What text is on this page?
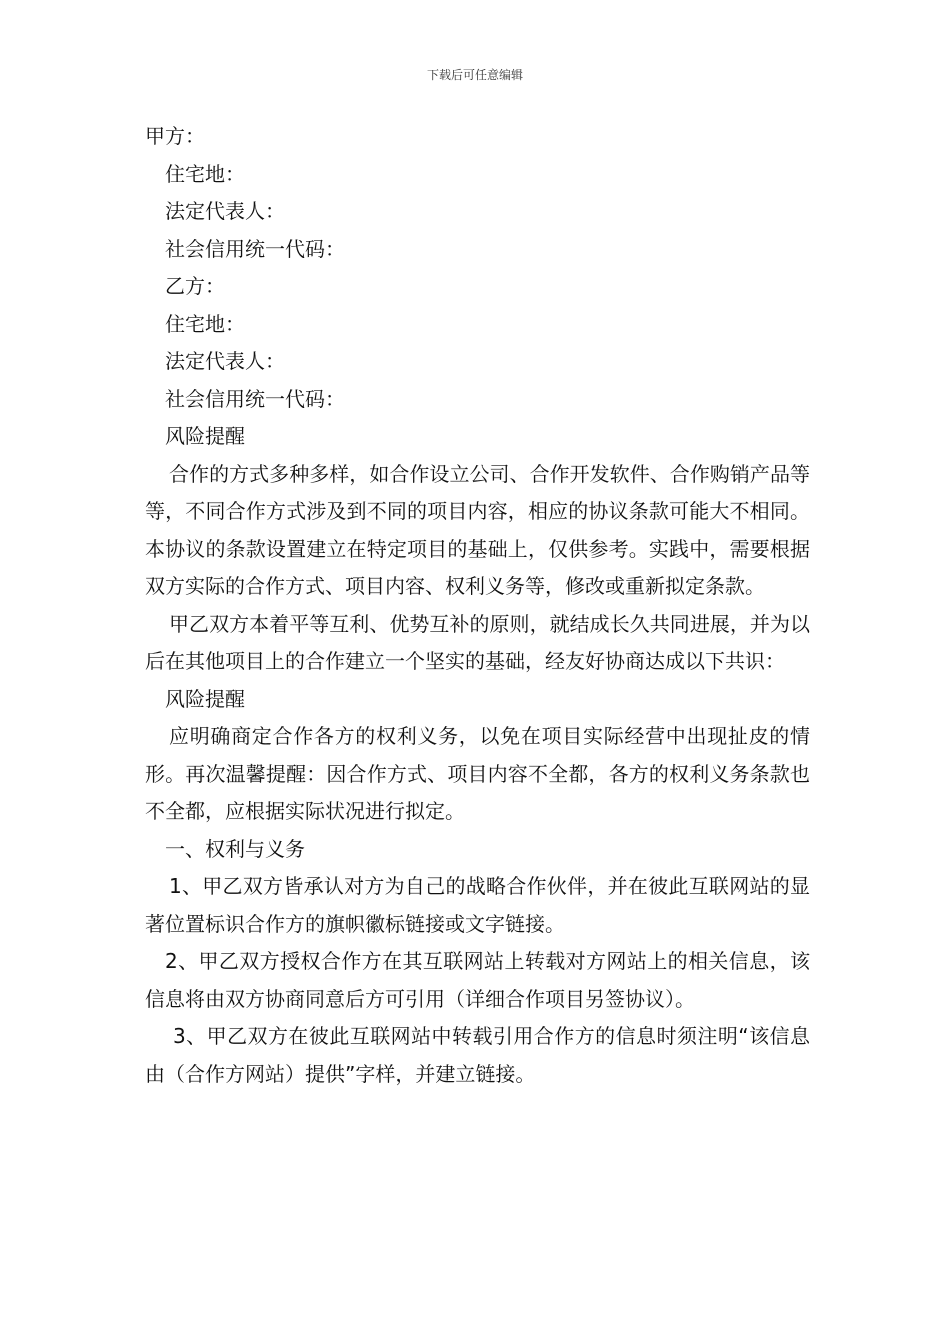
下载后可任意编辑
甲方：
住宅地：
法定代表人：
社会信用统一代码：
乙方：
住宅地：
法定代表人：
社会信用统一代码：
风险提醒
合作的方式多种多样，如合作设立公司、合作开发软件、合作购销产品等等，不同合作方式涉及到不同的项目内容，相应的协议条款可能大不相同。本协议的条款设置建立在特定项目的基础上，仅供参考。实践中，需要根据双方实际的合作方式、项目内容、权利义务等，修改或重新拟定条款。
甲乙双方本着平等互利、优势互补的原则，就结成长久共同进展，并为以后在其他项目上的合作建立一个坚实的基础，经友好协商达成以下共识：
风险提醒
应明确商定合作各方的权利义务，以免在项目实际经营中出现扯皮的情形。再次温馨提醒：因合作方式、项目内容不全都，各方的权利义务条款也不全都，应根据实际状况进行拟定。
一、权利与义务
1、甲乙双方皆承认对方为自己的战略合作伙伴，并在彼此互联网站的显著位置标识合作方的旗帜徽标链接或文字链接。
2、甲乙双方授权合作方在其互联网站上转载对方网站上的相关信息，该信息将由双方协商同意后方可引用（详细合作项目另签协议）。
3、甲乙双方在彼此互联网站中转载引用合作方的信息时须注明“该信息由（合作方网站）提供”字样，并建立链接。
